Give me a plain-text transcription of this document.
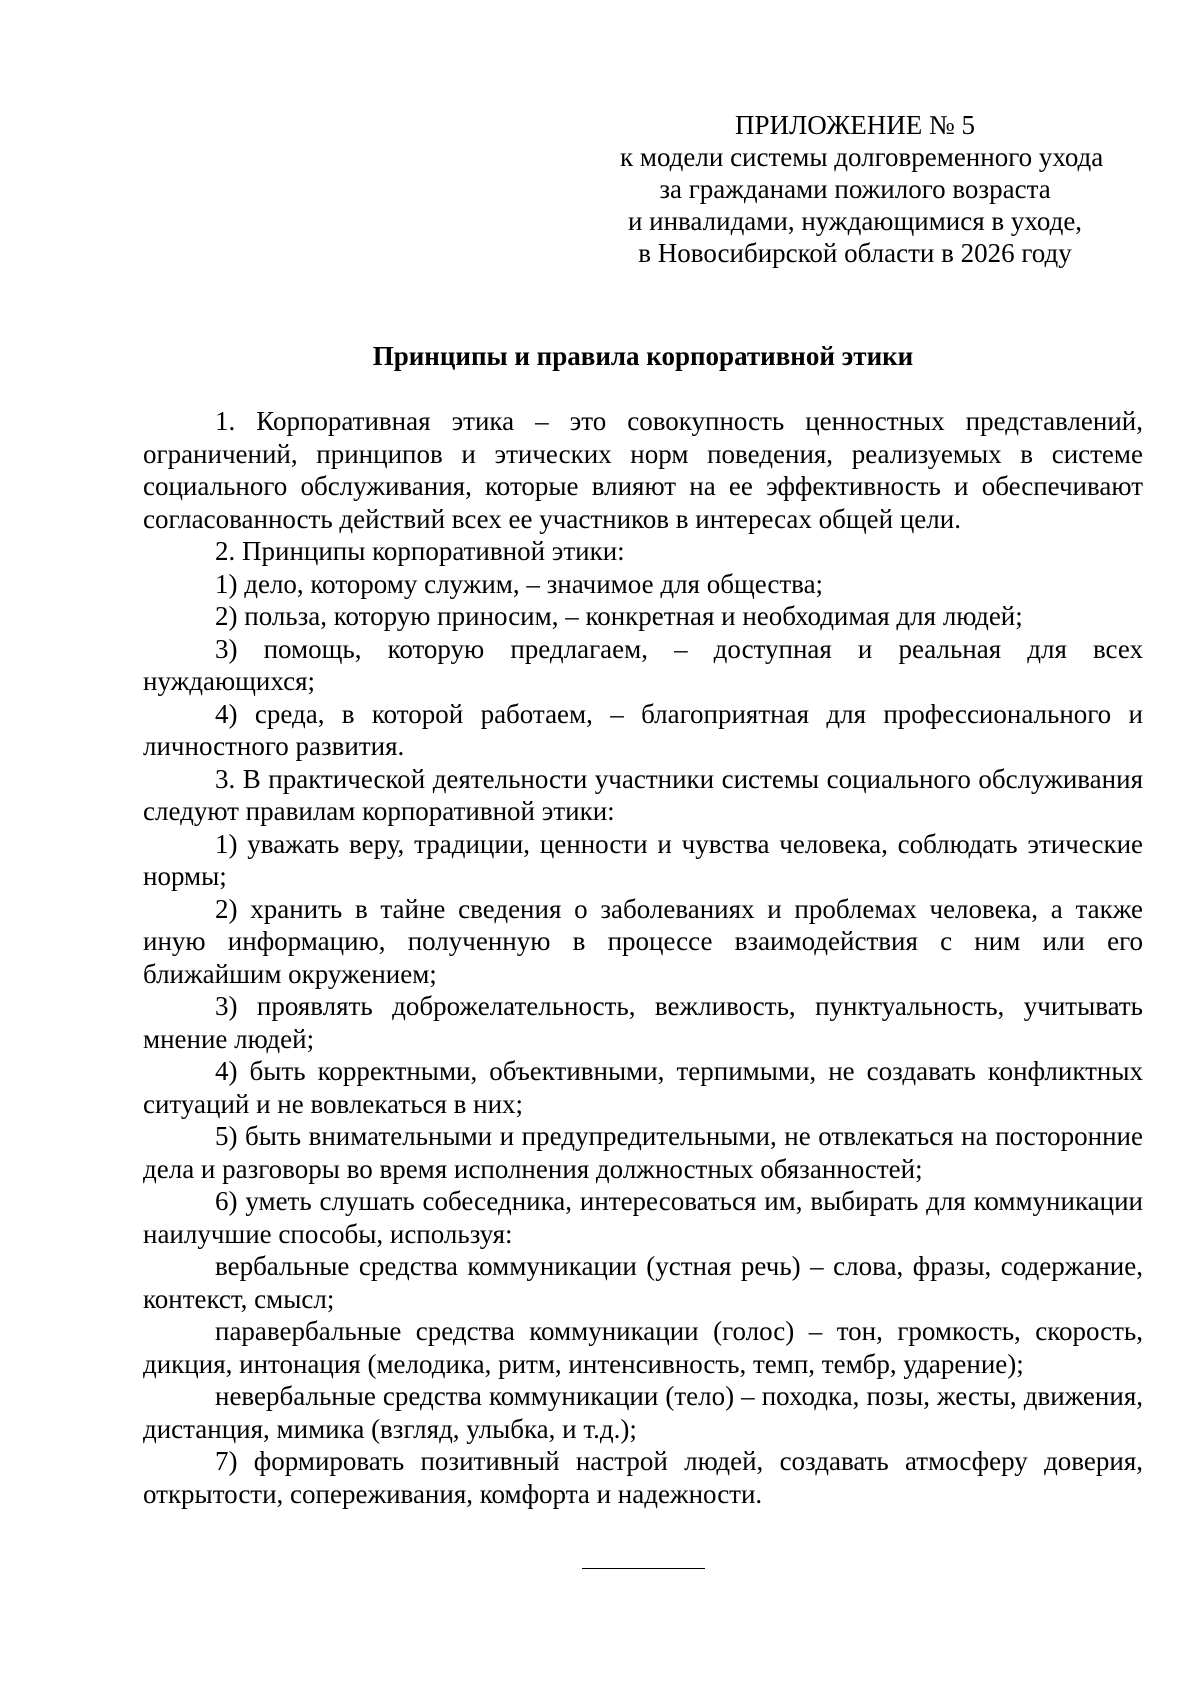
ПРИЛОЖЕНИЕ № 5
к модели системы долговременного ухода
за гражданами пожилого возраста
и инвалидами, нуждающимися в уходе,
в Новосибирской области в 2026 году
Принципы и правила корпоративной этики

1. Корпоративная этика – это совокупность ценностных представлений, ограничений, принципов и этических норм поведения, реализуемых в системе социального обслуживания, которые влияют на ее эффективность и обеспечивают согласованность действий всех ее участников в интересах общей цели.

2. Принципы корпоративной этики:

1) дело, которому служим, – значимое для общества;

2) польза, которую приносим, – конкретная и необходимая для людей;

3) помощь, которую предлагаем, – доступная и реальная для всех нуждающихся;

4) среда, в которой работаем, – благоприятная для профессионального и личностного развития.

3. В практической деятельности участники системы социального обслуживания следуют правилам корпоративной этики:

1) уважать веру, традиции, ценности и чувства человека, соблюдать этические нормы;

2) хранить в тайне сведения о заболеваниях и проблемах человека, а также иную информацию, полученную в процессе взаимодействия с ним или его ближайшим окружением;

3) проявлять доброжелательность, вежливость, пунктуальность, учитывать мнение людей;

4) быть корректными, объективными, терпимыми, не создавать конфликтных ситуаций и не вовлекаться в них;

5) быть внимательными и предупредительными, не отвлекаться на посторонние дела и разговоры во время исполнения должностных обязанностей;

6) уметь слушать собеседника, интересоваться им, выбирать для коммуникации наилучшие способы, используя:

вербальные средства коммуникации (устная речь) – слова, фразы, содержание, контекст, смысл;

паравербальные средства коммуникации (голос) – тон, громкость, скорость, дикция, интонация (мелодика, ритм, интенсивность, темп, тембр, ударение);

невербальные средства коммуникации (тело) – походка, позы, жесты, движения, дистанция, мимика (взгляд, улыбка, и т.д.);

7) формировать позитивный настрой людей, создавать атмосферу доверия, открытости, сопереживания, комфорта и надежности.
